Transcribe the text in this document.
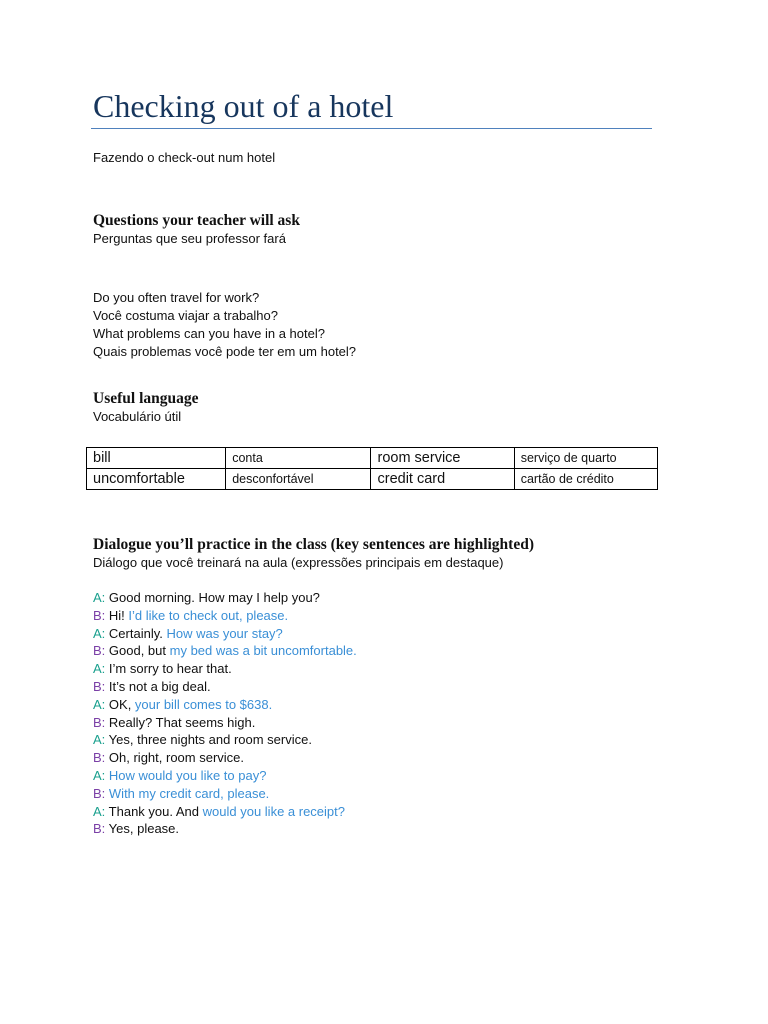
Checking out of a hotel
Fazendo o check-out num hotel
Questions your teacher will ask
Perguntas que seu professor fará
Do you often travel for work?
Você costuma viajar a trabalho?
What problems can you have in a hotel?
Quais problemas você pode ter em um hotel?
Useful language
Vocabulário útil
bill	conta	room service	serviço de quarto
uncomfortable	desconfortável	credit card	cartão de crédito
Dialogue you’ll practice in the class (key sentences are highlighted)
Diálogo que você treinará na aula (expressões principais em destaque)
A: Good morning. How may I help you?
B: Hi! I’d like to check out, please.
A: Certainly. How was your stay?
B: Good, but my bed was a bit uncomfortable.
A: I’m sorry to hear that.
B: It’s not a big deal.
A: OK, your bill comes to $638.
B: Really? That seems high.
A: Yes, three nights and room service.
B: Oh, right, room service.
A: How would you like to pay?
B: With my credit card, please.
A: Thank you. And would you like a receipt?
B: Yes, please.
